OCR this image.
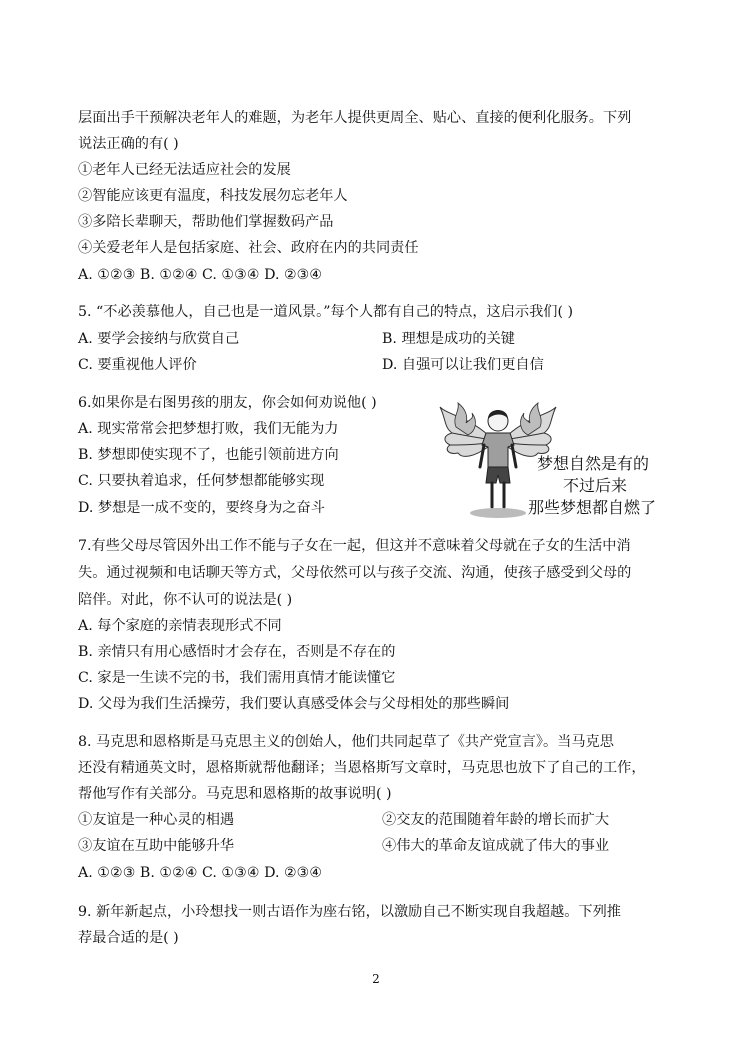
层面出手干预解决老年人的难题，为老年人提供更周全、贴心、直接的便利化服务。下列
说法正确的有( )
①老年人已经无法适应社会的发展
②智能应该更有温度，科技发展勿忘老年人
③多陪长辈聊天，帮助他们掌握数码产品
④关爱老年人是包括家庭、社会、政府在内的共同责任
A. ①②③ B. ①②④ C. ①③④ D. ②③④
5. “不必羡慕他人，自己也是一道风景。”每个人都有自己的特点，这启示我们( )
A. 要学会接纳与欣赏自己	B. 理想是成功的关键
C. 要重视他人评价	D. 自强可以让我们更自信
6.如果你是右图男孩的朋友，你会如何劝说他( )
A. 现实常常会把梦想打败，我们无能为力
B. 梦想即使实现不了，也能引领前进方向
C. 只要执着追求，任何梦想都能够实现
D. 梦想是一成不变的，要终身为之奋斗
梦想自然是有的
不过后来
那些梦想都自燃了
7.有些父母尽管因外出工作不能与子女在一起，但这并不意味着父母就在子女的生活中消
失。通过视频和电话聊天等方式，父母依然可以与孩子交流、沟通，使孩子感受到父母的
陪伴。对此，你不认可的说法是( )
A. 每个家庭的亲情表现形式不同
B. 亲情只有用心感悟时才会存在，否则是不存在的
C. 家是一生读不完的书，我们需用真情才能读懂它
D. 父母为我们生活操劳，我们要认真感受体会与父母相处的那些瞬间
8. 马克思和恩格斯是马克思主义的创始人，他们共同起草了《共产党宣言》。当马克思
还没有精通英文时，恩格斯就帮他翻译；当恩格斯写文章时，马克思也放下了自己的工作，
帮他写作有关部分。马克思和恩格斯的故事说明( )
①友谊是一种心灵的相遇	②交友的范围随着年龄的增长而扩大
③友谊在互助中能够升华	④伟大的革命友谊成就了伟大的事业
A. ①②③ B. ①②④ C. ①③④ D. ②③④
9. 新年新起点，小玲想找一则古语作为座右铭，以激励自己不断实现自我超越。下列推
荐最合适的是( )
2
